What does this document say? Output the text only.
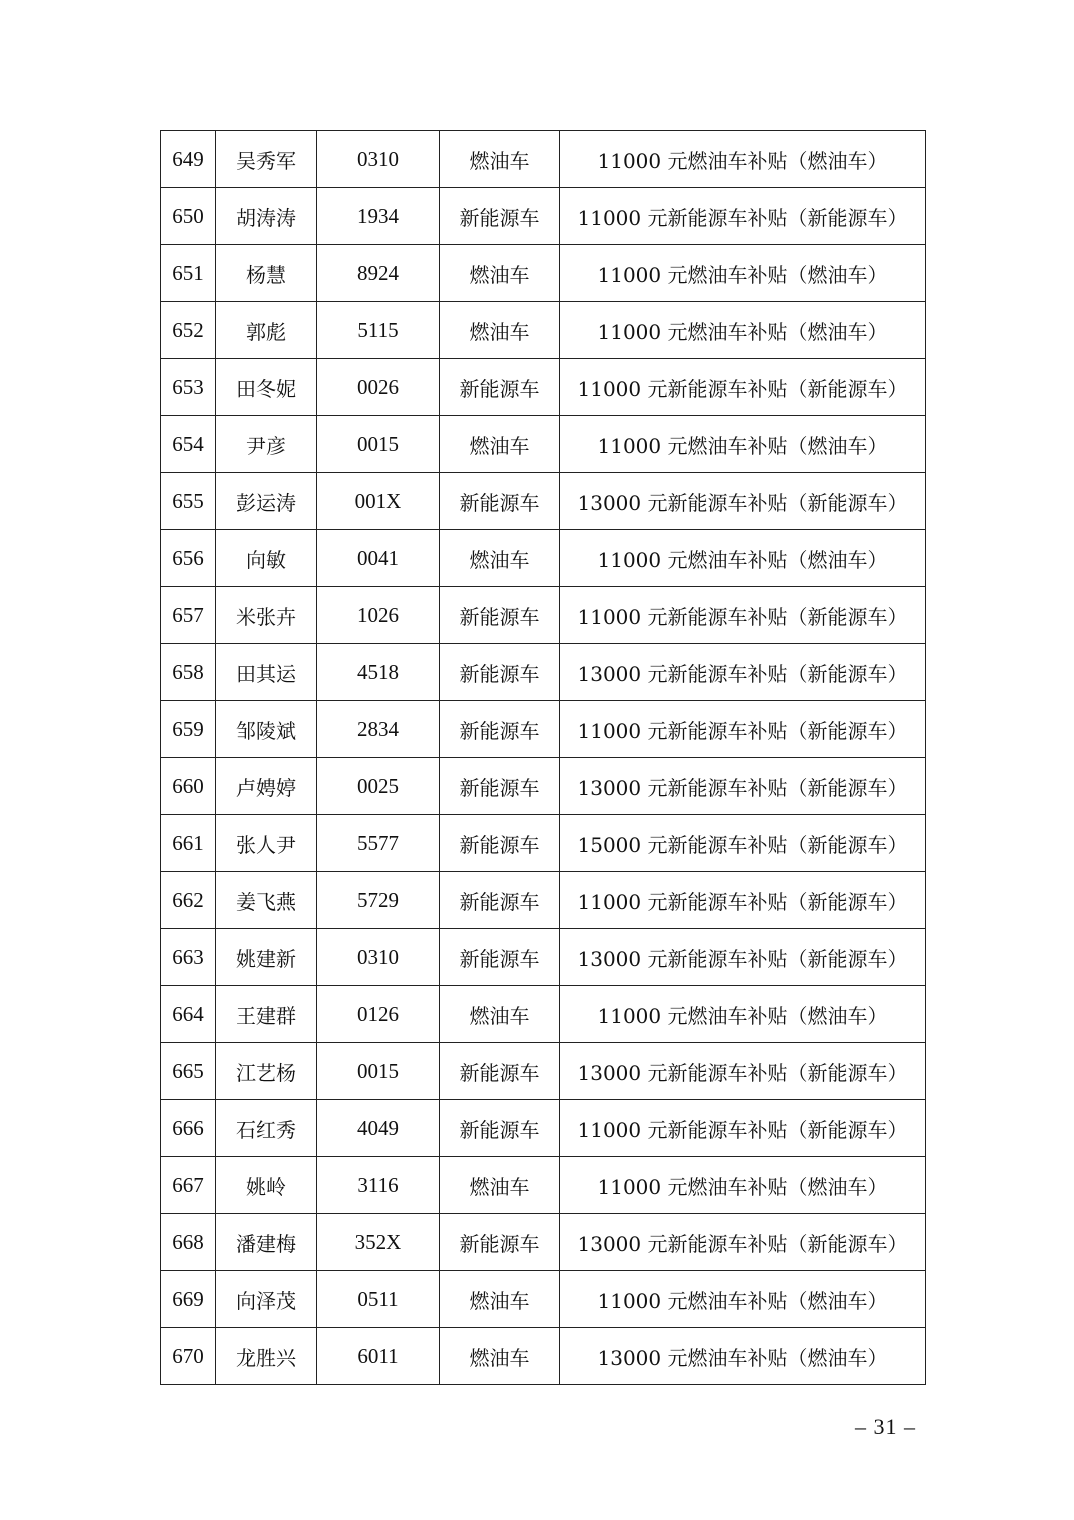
649	吴秀军	0310	燃油车	11000 元燃油车补贴（燃油车）
650	胡涛涛	1934	新能源车	11000 元新能源车补贴（新能源车）
651	杨慧	8924	燃油车	11000 元燃油车补贴（燃油车）
652	郭彪	5115	燃油车	11000 元燃油车补贴（燃油车）
653	田冬妮	0026	新能源车	11000 元新能源车补贴（新能源车）
654	尹彦	0015	燃油车	11000 元燃油车补贴（燃油车）
655	彭运涛	001X	新能源车	13000 元新能源车补贴（新能源车）
656	向敏	0041	燃油车	11000 元燃油车补贴（燃油车）
657	米张卉	1026	新能源车	11000 元新能源车补贴（新能源车）
658	田其运	4518	新能源车	13000 元新能源车补贴（新能源车）
659	邹陵斌	2834	新能源车	11000 元新能源车补贴（新能源车）
660	卢娉婷	0025	新能源车	13000 元新能源车补贴（新能源车）
661	张人尹	5577	新能源车	15000 元新能源车补贴（新能源车）
662	姜飞燕	5729	新能源车	11000 元新能源车补贴（新能源车）
663	姚建新	0310	新能源车	13000 元新能源车补贴（新能源车）
664	王建群	0126	燃油车	11000 元燃油车补贴（燃油车）
665	江艺杨	0015	新能源车	13000 元新能源车补贴（新能源车）
666	石红秀	4049	新能源车	11000 元新能源车补贴（新能源车）
667	姚岭	3116	燃油车	11000 元燃油车补贴（燃油车）
668	潘建梅	352X	新能源车	13000 元新能源车补贴（新能源车）
669	向泽茂	0511	燃油车	11000 元燃油车补贴（燃油车）
670	龙胜兴	6011	燃油车	13000 元燃油车补贴（燃油车）
– 31 –
